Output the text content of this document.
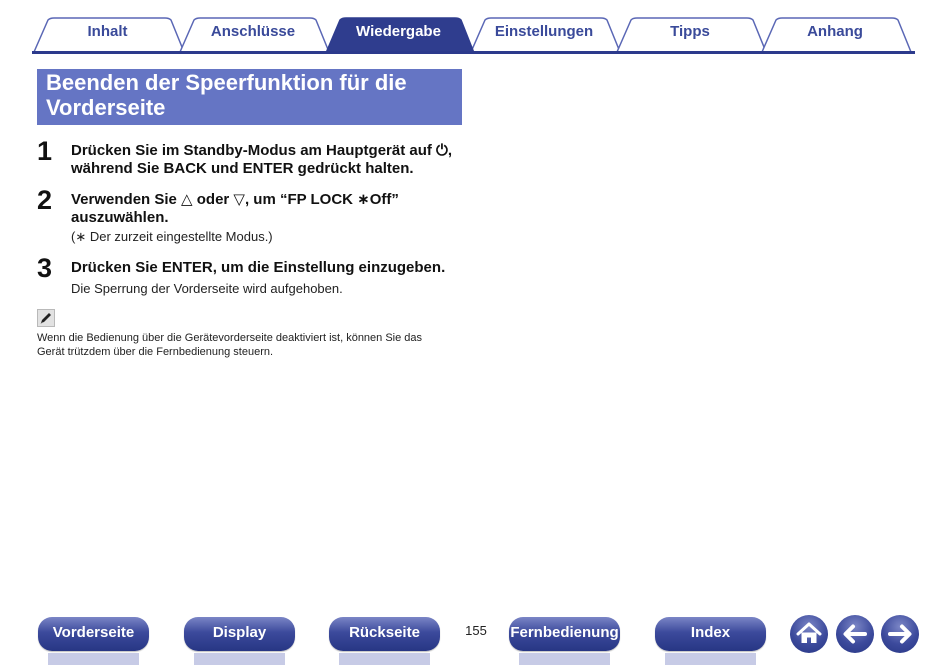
Inhalt	Anschlüsse	Wiedergabe	Einstellungen	Tipps	Anhang
Beenden der Speerfunktion für die
Vorderseite
1 Drücken Sie im Standby-Modus am Hauptgerät auf ⏻,
während Sie BACK und ENTER gedrückt halten.
2 Verwenden Sie △ oder ▽, um “FP LOCK ∗Off”
auszuwählen.
(∗ Der zurzeit eingestellte Modus.)
3 Drücken Sie ENTER, um die Einstellung einzugeben.
Die Sperrung der Vorderseite wird aufgehoben.
Wenn die Bedienung über die Gerätevorderseite deaktiviert ist, können Sie das
Gerät trützdem über die Fernbedienung steuern.
Vorderseite	Display	Rückseite	155	Fernbedienung	Index
